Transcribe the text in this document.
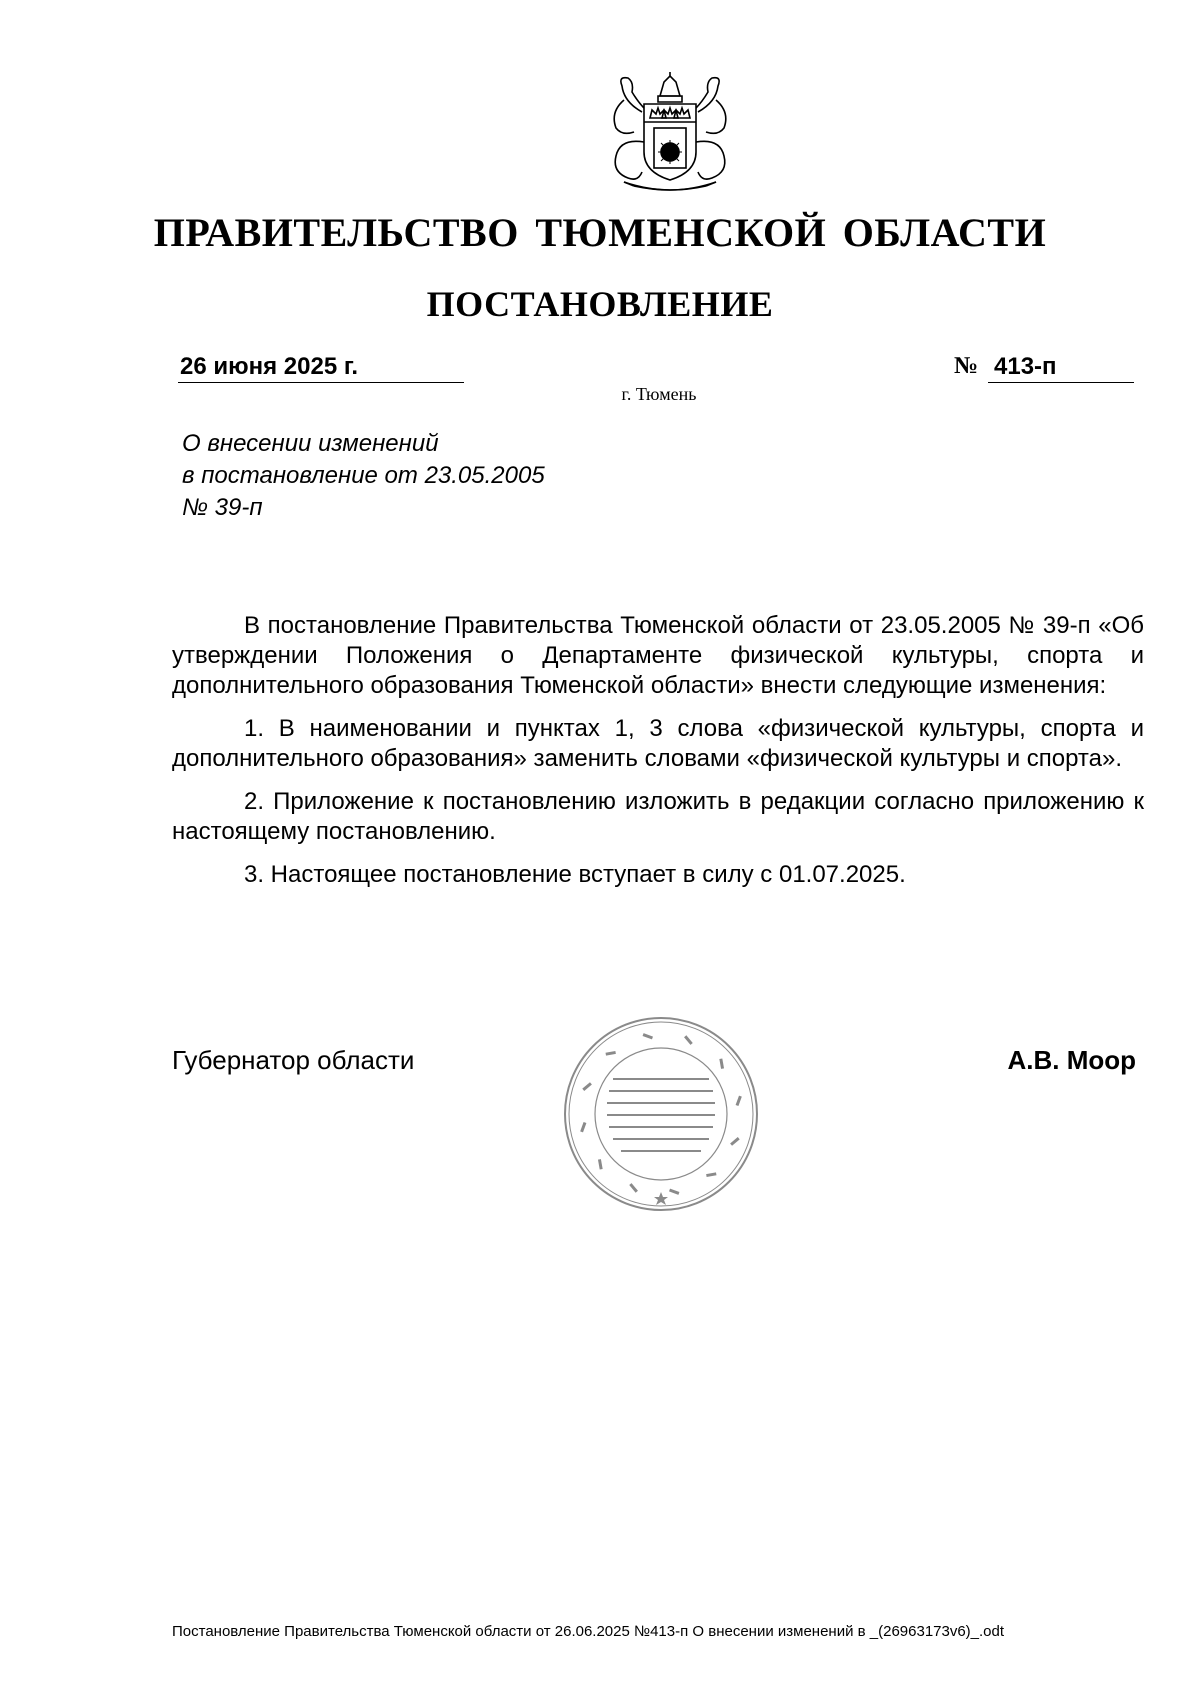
ПРАВИТЕЛЬСТВО ТЮМЕНСКОЙ ОБЛАСТИ
ПОСТАНОВЛЕНИЕ
26 июня 2025 г.	№ 413-п
г. Тюмень
О внесении изменений
в постановление от 23.05.2005
№ 39-п

В постановление Правительства Тюменской области от 23.05.2005 № 39-п «Об утверждении Положения о Департаменте физической культуры, спорта и дополнительного образования Тюменской области» внести следующие изменения:

1. В наименовании и пунктах 1, 3 слова «физической культуры, спорта и дополнительного образования» заменить словами «физической культуры и спорта».

2. Приложение к постановлению изложить в редакции согласно приложению к настоящему постановлению.

3. Настоящее постановление вступает в силу с 01.07.2025.

Губернатор области	А.В. Моор
Постановление Правительства Тюменской области от 26.06.2025 №413-п О внесении изменений в _(26963173v6)_.odt
